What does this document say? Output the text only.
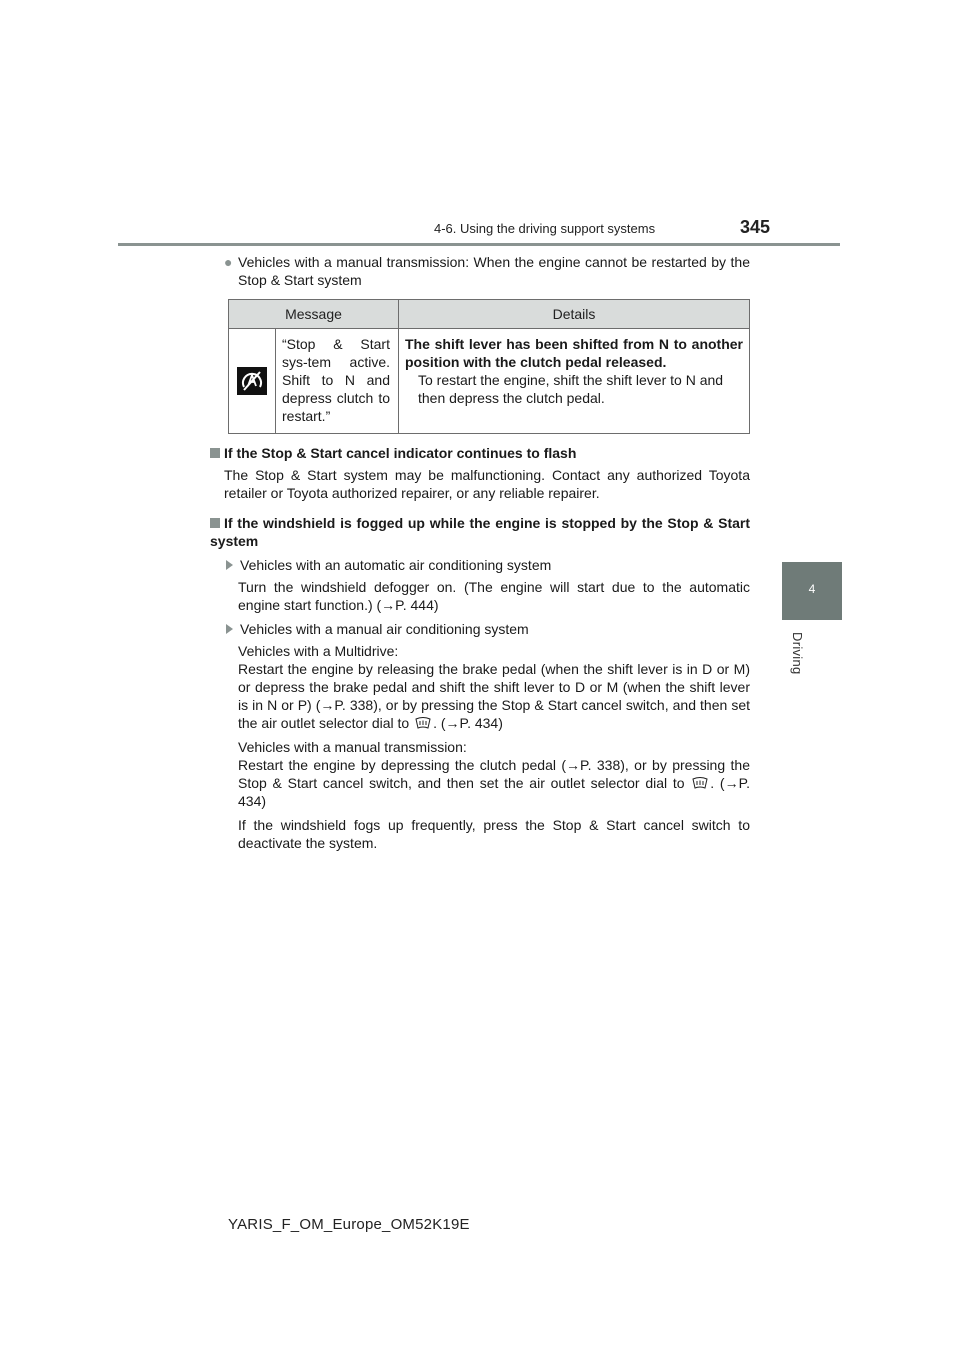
4-6. Using the driving support systems	345
4
Driving

● Vehicles with a manual transmission: When the engine cannot be restarted by the Stop & Start system

Message		Details

	“Stop & Start sys-tem active. Shift to N and depress clutch to restart.”	The shift lever has been shifted from N to another position with the clutch pedal released.
To restart the engine, shift the shift lever to N and then depress the clutch pedal.
If the Stop & Start cancel indicator continues to flash

The Stop & Start system may be malfunctioning. Contact any authorized Toyota retailer or Toyota authorized repairer, or any reliable repairer.

If the windshield is fogged up while the engine is stopped by the Stop & Start system
Vehicles with an automatic air conditioning system

Turn the windshield defogger on. (The engine will start due to the automatic engine start function.) (→P. 444)

Vehicles with a manual air conditioning system

Vehicles with a Multidrive:
Restart the engine by releasing the brake pedal (when the shift lever is in D or M) or depress the brake pedal and shift the shift lever to D or M (when the shift lever is in N or P) (→P. 338), or by pressing the Stop & Start cancel switch, and then set the air outlet selector dial to . (→P. 434)

Vehicles with a manual transmission:
Restart the engine by depressing the clutch pedal (→P. 338), or by pressing the Stop & Start cancel switch, and then set the air outlet selector dial to . (→P. 434)

If the windshield fogs up frequently, press the Stop & Start cancel switch to deactivate the system.

YARIS_F_OM_Europe_OM52K19E
